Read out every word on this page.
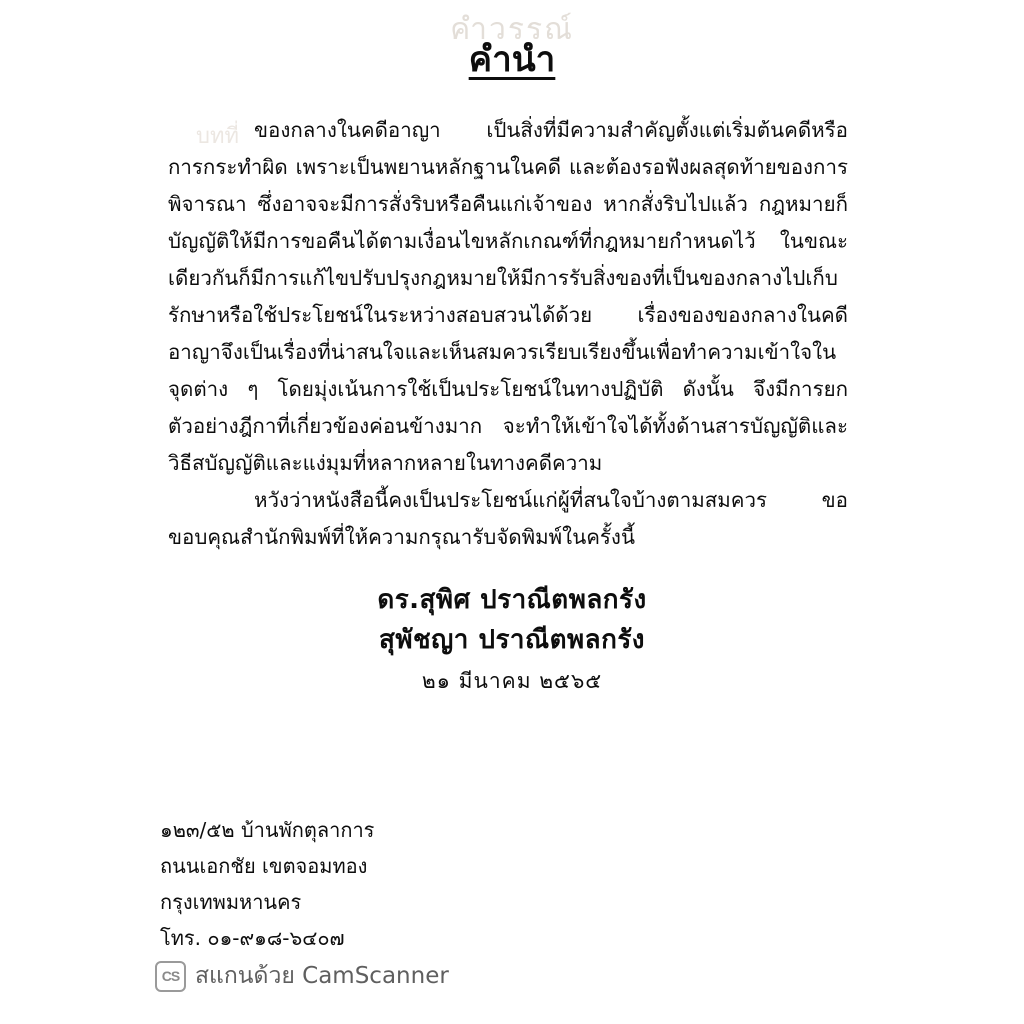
คำวรรณ์
บทที่
คำนำ

ของกลางในคดีอาญา เป็นสิ่งที่มีความสำคัญตั้งแต่เริ่มต้นคดีหรือการกระทำผิด เพราะเป็นพยานหลักฐานในคดี และต้องรอฟังผลสุดท้ายของการพิจารณา ซึ่งอาจจะมีการสั่งริบหรือคืนแก่เจ้าของ หากสั่งริบไปแล้ว กฎหมายก็บัญญัติให้มีการขอคืนได้ตามเงื่อนไขหลักเกณฑ์ที่กฎหมายกำหนดไว้ ในขณะเดียวกันก็มีการแก้ไขปรับปรุงกฎหมายให้มีการรับสิ่งของที่เป็นของกลางไปเก็บรักษาหรือใช้ประโยชน์ในระหว่างสอบสวนได้ด้วย เรื่องของของกลางในคดีอาญาจึงเป็นเรื่องที่น่าสนใจและเห็นสมควรเรียบเรียงขึ้นเพื่อทำความเข้าใจในจุดต่าง ๆ โดยมุ่งเน้นการใช้เป็นประโยชน์ในทางปฏิบัติ ดังนั้น จึงมีการยกตัวอย่างฎีกาที่เกี่ยวข้องค่อนข้างมาก จะทำให้เข้าใจได้ทั้งด้านสารบัญญัติและวิธีสบัญญัติและแง่มุมที่หลากหลายในทางคดีความ

หวังว่าหนังสือนี้คงเป็นประโยชน์แก่ผู้ที่สนใจบ้างตามสมควร ขอขอบคุณสำนักพิมพ์ที่ให้ความกรุณารับจัดพิมพ์ในครั้งนี้

ดร.สุพิศ ปราณีตพลกรัง
สุพัชญา ปราณีตพลกรัง
๒๑ มีนาคม ๒๕๖๕
๑๒๓/๕๒ บ้านพักตุลาการ
ถนนเอกชัย เขตจอมทอง
กรุงเทพมหานคร
โทร. ๐๑-๙๑๘-๖๔๐๗
CS สแกนด้วย CamScanner
